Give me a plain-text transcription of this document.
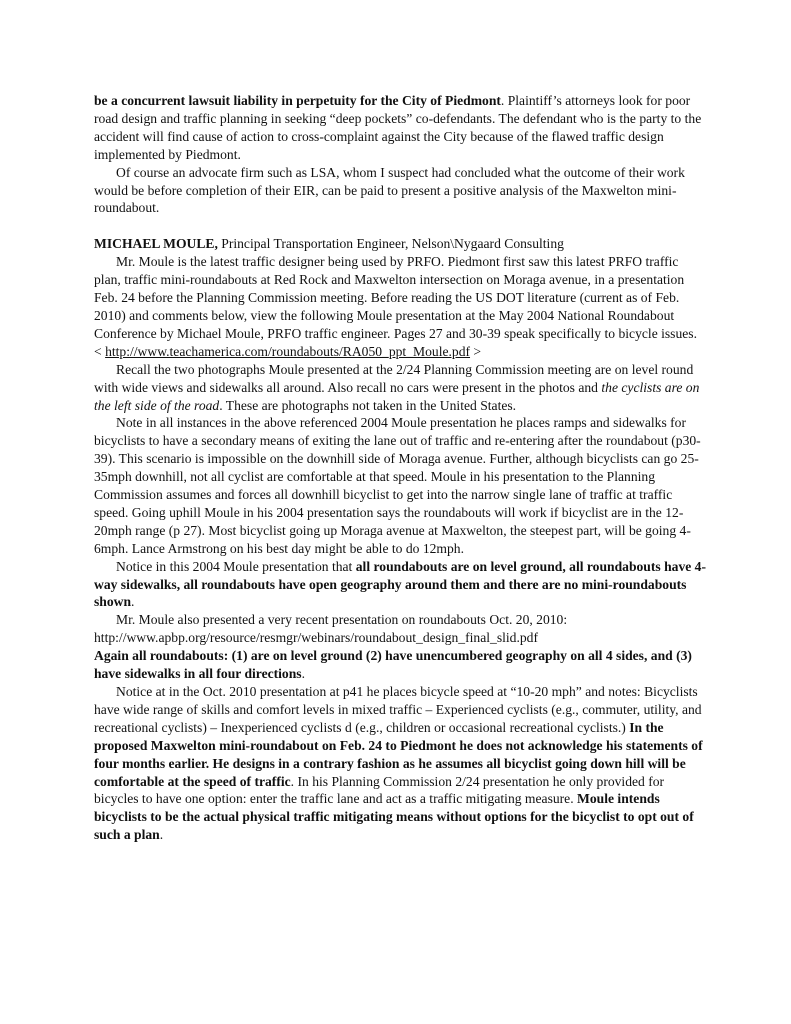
be a concurrent lawsuit liability in perpetuity for the City of Piedmont. Plaintiff’s attorneys look for poor road design and traffic planning in seeking “deep pockets” co-defendants. The defendant who is the party to the accident will find cause of action to cross-complaint against the City because of the flawed traffic design implemented by Piedmont.

Of course an advocate firm such as LSA, whom I suspect had concluded what the outcome of their work would be before completion of their EIR, can be paid to present a positive analysis of the Maxwelton mini-roundabout.

MICHAEL MOULE, Principal Transportation Engineer, Nelson\Nygaard Consulting

Mr. Moule is the latest traffic designer being used by PRFO. Piedmont first saw this latest PRFO traffic plan, traffic mini-roundabouts at Red Rock and Maxwelton intersection on Moraga avenue, in a presentation Feb. 24 before the Planning Commission meeting. Before reading the US DOT literature (current as of Feb. 2010) and comments below, view the following Moule presentation at the May 2004 National Roundabout Conference by Michael Moule, PRFO traffic engineer. Pages 27 and 30-39 speak specifically to bicycle issues.

< http://www.teachamerica.com/roundabouts/RA050_ppt_Moule.pdf >

Recall the two photographs Moule presented at the 2/24 Planning Commission meeting are on level round with wide views and sidewalks all around. Also recall no cars were present in the photos and the cyclists are on the left side of the road. These are photographs not taken in the United States.

Note in all instances in the above referenced 2004 Moule presentation he places ramps and sidewalks for bicyclists to have a secondary means of exiting the lane out of traffic and re-entering after the roundabout (p30-39). This scenario is impossible on the downhill side of Moraga avenue. Further, although bicyclists can go 25-35mph downhill, not all cyclist are comfortable at that speed. Moule in his presentation to the Planning Commission assumes and forces all downhill bicyclist to get into the narrow single lane of traffic at traffic speed. Going uphill Moule in his 2004 presentation says the roundabouts will work if bicyclist are in the 12-20mph range (p 27). Most bicyclist going up Moraga avenue at Maxwelton, the steepest part, will be going 4-6mph. Lance Armstrong on his best day might be able to do 12mph.

Notice in this 2004 Moule presentation that all roundabouts are on level ground, all roundabouts have 4-way sidewalks, all roundabouts have open geography around them and there are no mini-roundabouts shown.

Mr. Moule also presented a very recent presentation on roundabouts Oct. 20, 2010:

http://www.apbp.org/resource/resmgr/webinars/roundabout_design_final_slid.pdf

Again all roundabouts: (1) are on level ground (2) have unencumbered geography on all 4 sides, and (3) have sidewalks in all four directions.

Notice at in the Oct. 2010 presentation at p41 he places bicycle speed at “10-20 mph” and notes: Bicyclists have wide range of skills and comfort levels in mixed traffic – Experienced cyclists (e.g., commuter, utility, and recreational cyclists) – Inexperienced cyclists d (e.g., children or occasional recreational cyclists.) In the proposed Maxwelton mini-roundabout on Feb. 24 to Piedmont he does not acknowledge his statements of four months earlier. He designs in a contrary fashion as he assumes all bicyclist going down hill will be comfortable at the speed of traffic. In his Planning Commission 2/24 presentation he only provided for bicycles to have one option: enter the traffic lane and act as a traffic mitigating measure. Moule intends bicyclists to be the actual physical traffic mitigating means without options for the bicyclist to opt out of such a plan.
